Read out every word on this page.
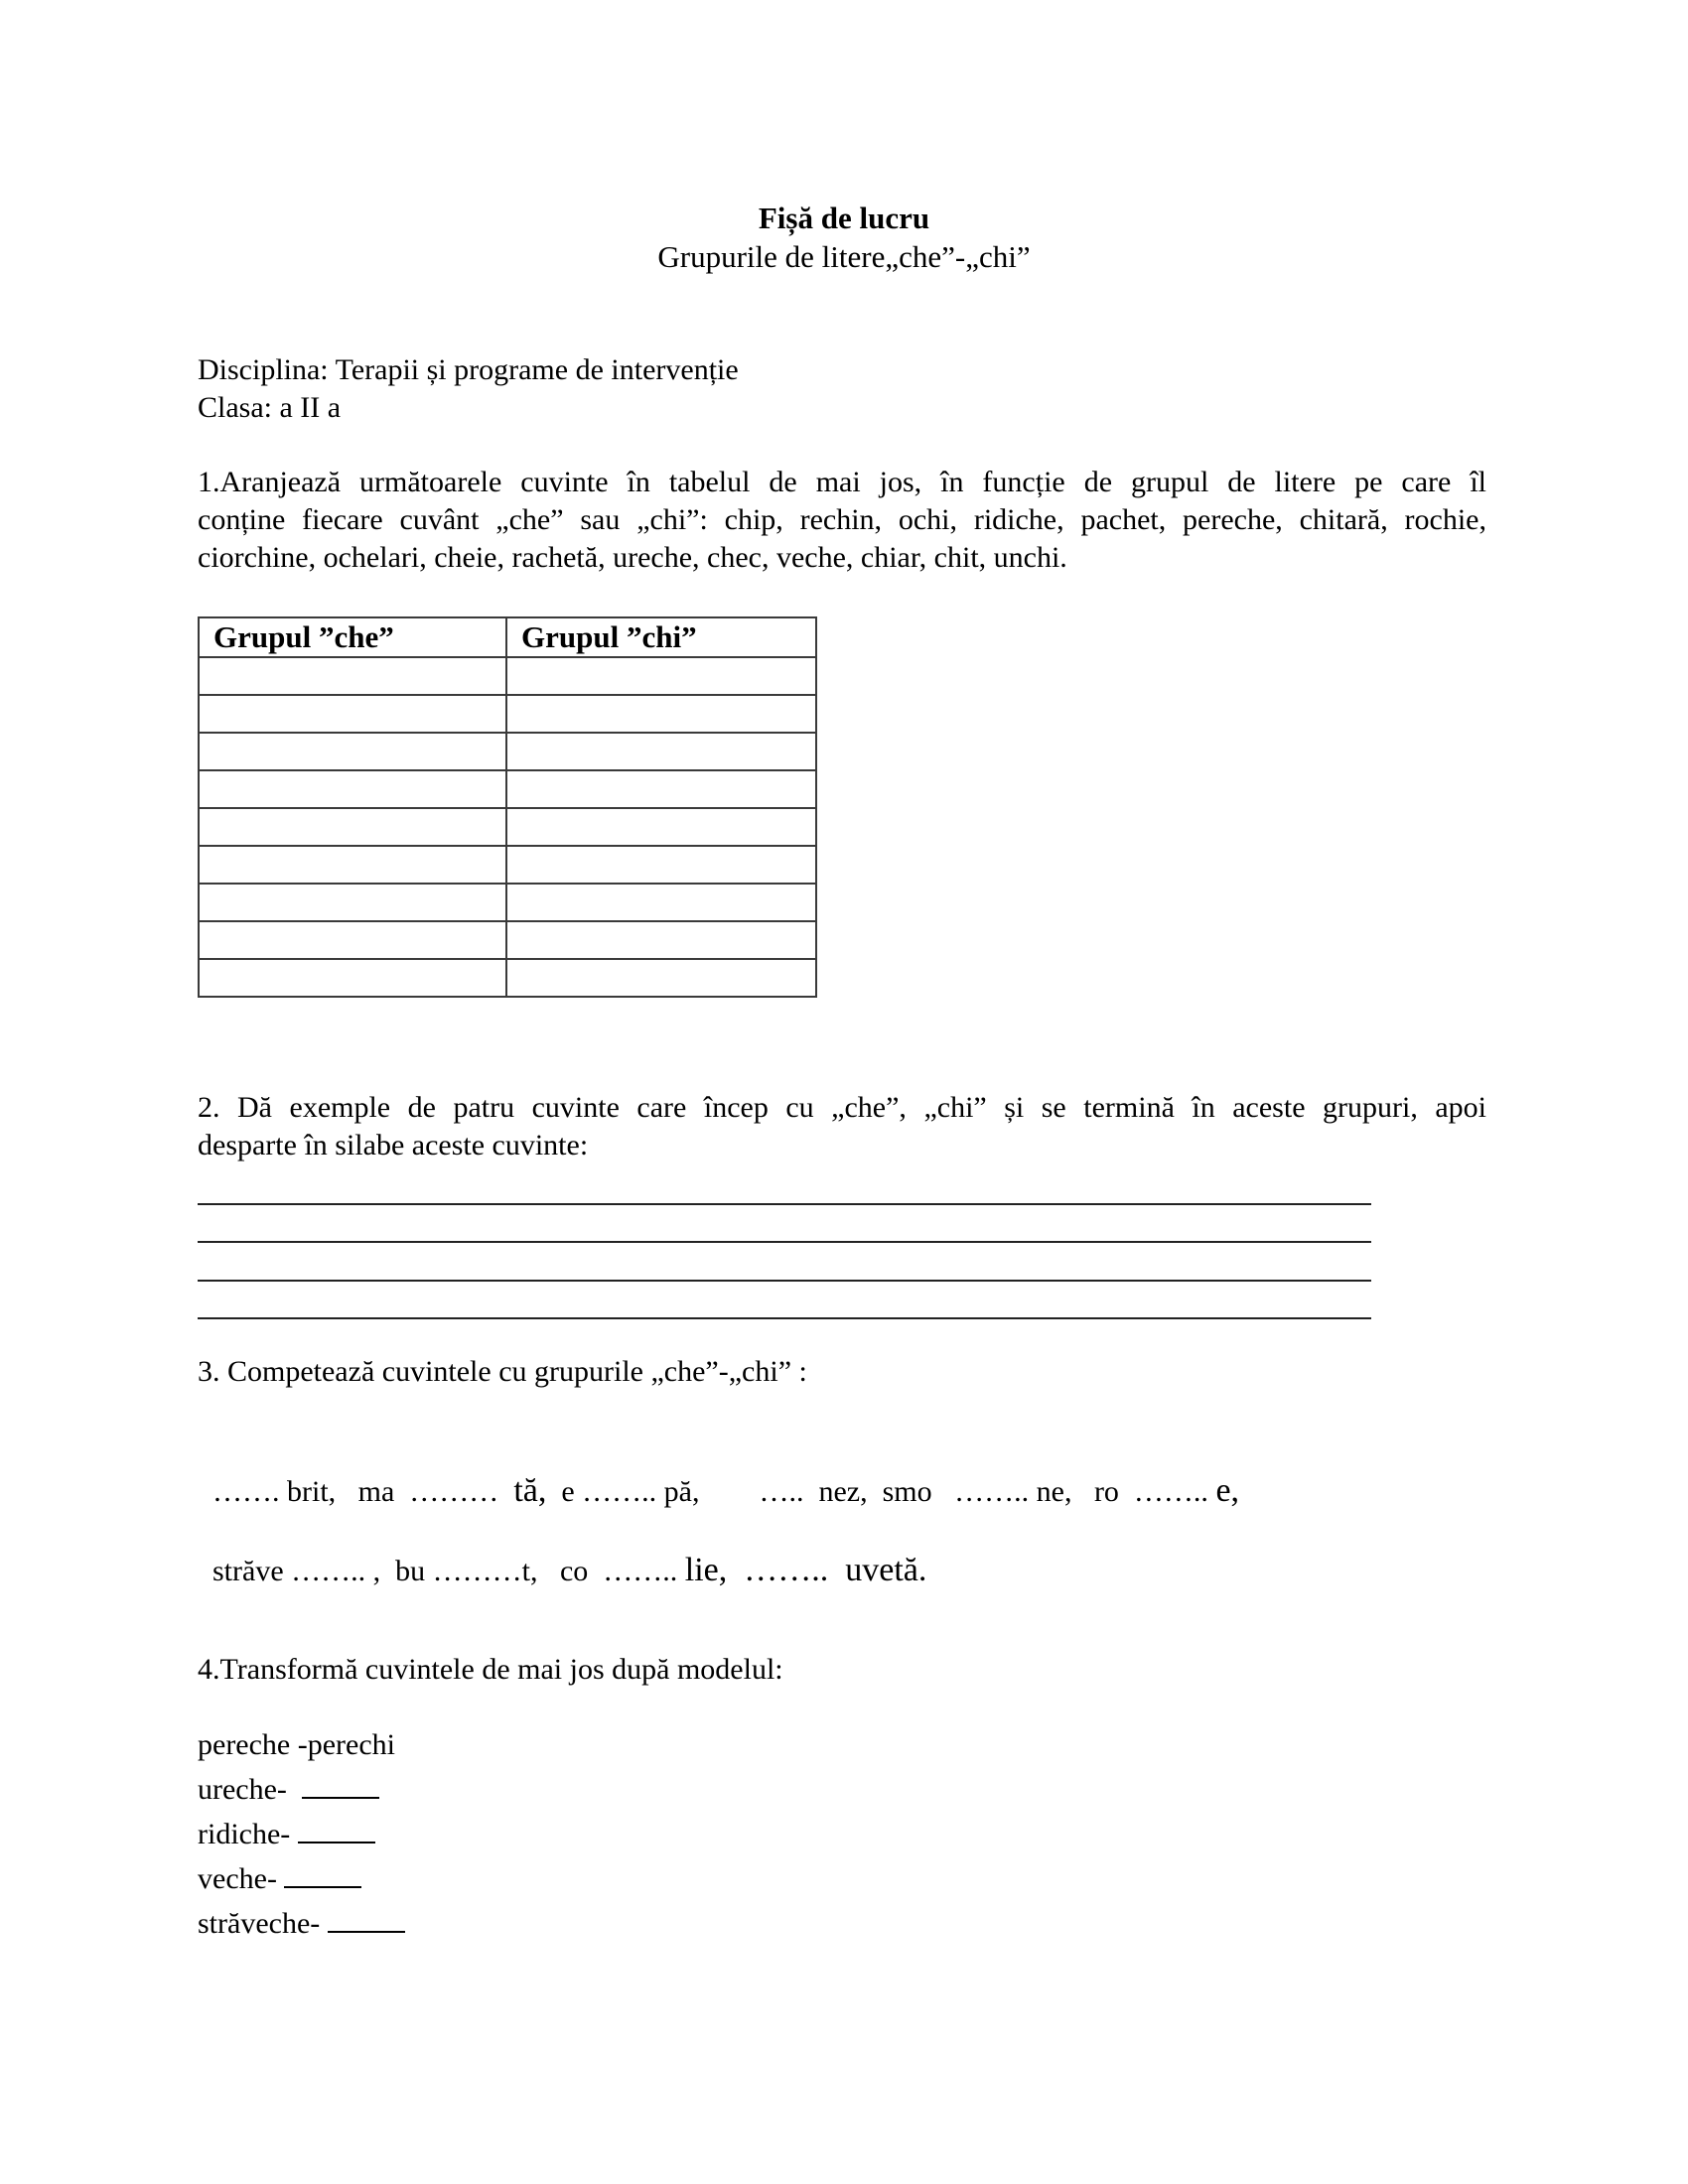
Fișă de lucru
Grupurile de litere„che”-„chi”
Disciplina: Terapii și programe de intervenție
Clasa: a II a
1.Aranjează următoarele cuvinte în tabelul de mai jos, în funcție de grupul de litere pe care îl
conține fiecare cuvânt „che” sau „chi”: chip, rechin, ochi, ridiche, pachet, pereche, chitară, rochie,
ciorchine, ochelari, cheie, rachetă, ureche, chec, veche, chiar, chit, unchi.
Grupul ”che”	Grupul ”chi”

2. Dă exemple de patru cuvinte care încep cu „che”, „chi” și se termină în aceste grupuri, apoi
desparte în silabe aceste cuvinte:
3. Competează cuvintele cu grupurile „che”-„chi” :

……. brit,   ma  ………  tă,  e …….. pă,        …..  nez,  smo   …….. ne,   ro  …….. e,

străve …….. ,  bu ………t,   co  …….. lie,  ……..  uvetă.

4.Transformă cuvintele de mai jos după modelul:
pereche -perechi
ureche-
ridiche-
veche-
străveche-
